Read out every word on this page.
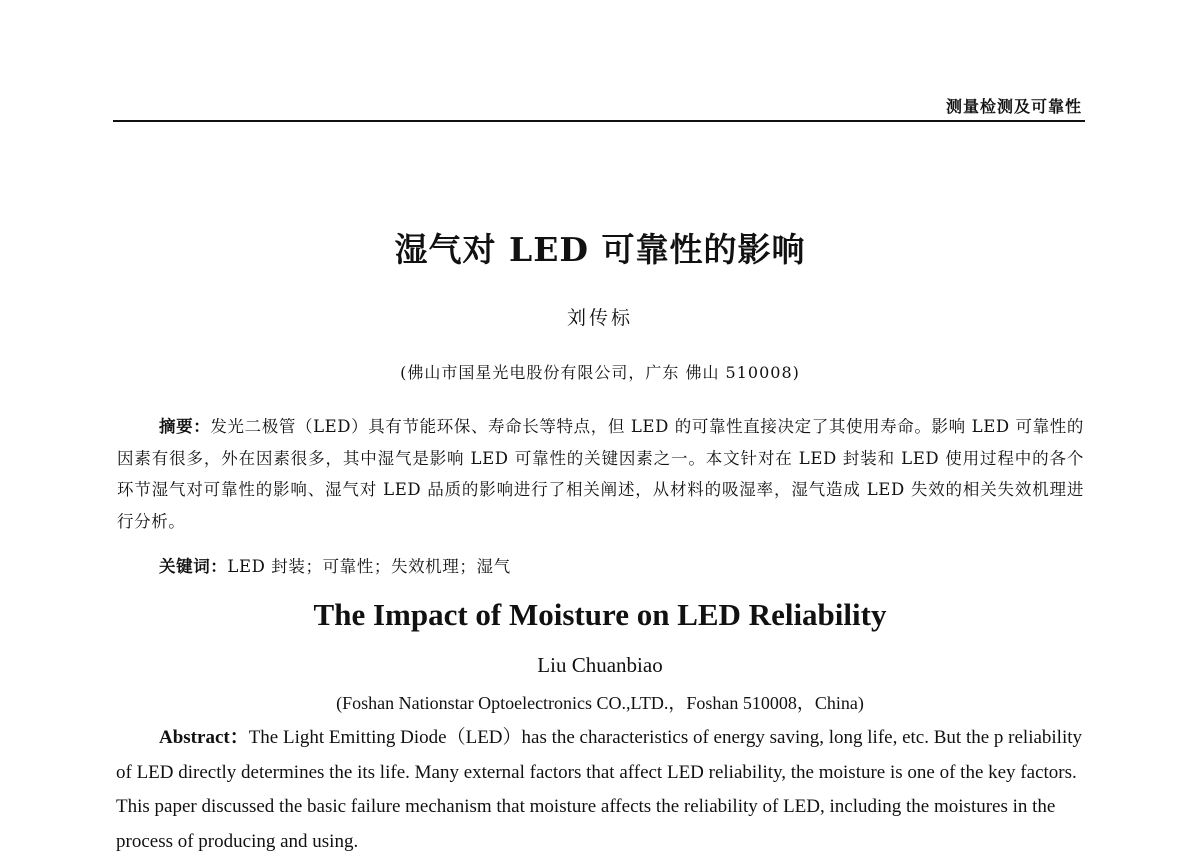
测量检测及可靠性
湿气对 LED 可靠性的影响
刘传标
(佛山市国星光电股份有限公司，广东 佛山 510008)
摘要：发光二极管（LED）具有节能环保、寿命长等特点，但 LED 的可靠性直接决定了其使用寿命。影响 LED 可靠性的因素有很多，外在因素很多，其中湿气是影响 LED 可靠性的关键因素之一。本文针对在 LED 封装和 LED 使用过程中的各个环节湿气对可靠性的影响、湿气对 LED 品质的影响进行了相关阐述，从材料的吸湿率，湿气造成 LED 失效的相关失效机理进行分析。
关键词：LED 封装；可靠性；失效机理；湿气
The Impact of Moisture on LED Reliability
Liu Chuanbiao
(Foshan Nationstar Optoelectronics CO.,LTD.，Foshan 510008，China)
Abstract：The Light Emitting Diode（LED）has the characteristics of energy saving, long life, etc. But the p reliability of LED directly determines the its life. Many external factors that affect LED reliability, the moisture is one of the key factors. This paper discussed the basic failure mechanism that moisture affects the reliability of LED, including the moistures in the process of producing and using.
